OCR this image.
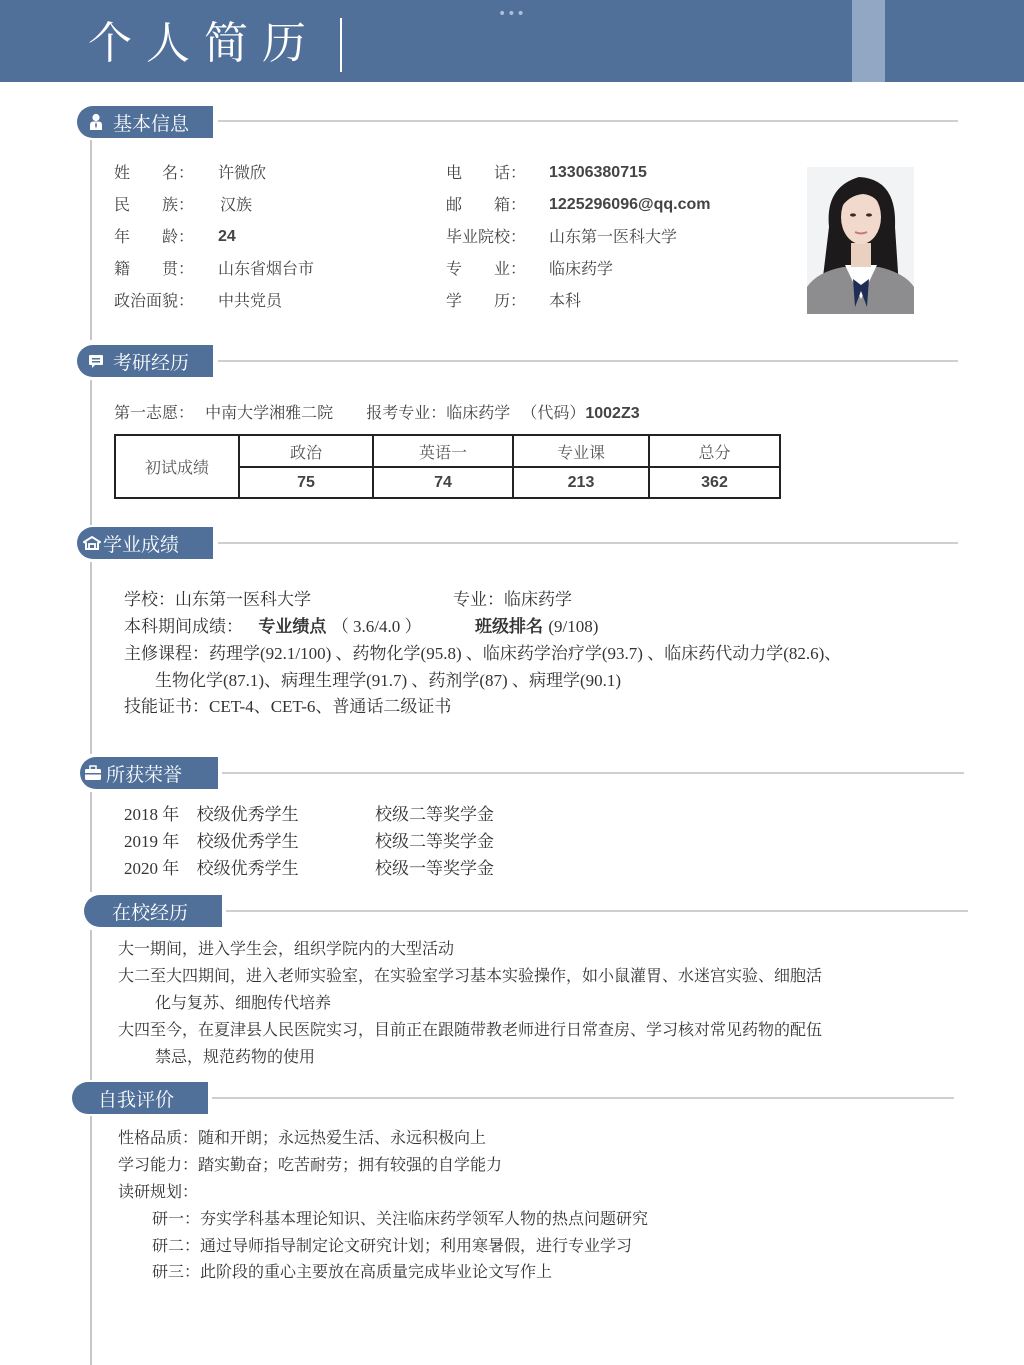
个人简历
•••
基本信息
姓　　名： 许微欣
民　　族： 汉族
年　　龄： 24
籍　　贯： 山东省烟台市
政治面貌： 中共党员
电　　话： 13306380715
邮　　箱： 1225296096@qq.com
毕业院校： 山东第一医科大学
专　　业： 临床药学
学　　历： 本科
考研经历
第一志愿： 中南大学湘雅二院 报考专业：临床药学 （代码）1002Z3
初试成绩	政治	英语一	专业课	总分
	75	74	213	362
学业成绩
学校：山东第一医科大学	专业：临床药学
本科期间成绩： 专业绩点 （ 3.6/4.0 ）	班级排名 (9/108)
主修课程：药理学(92.1/100) 、药物化学(95.8) 、临床药学治疗学(93.7) 、临床药代动力学(82.6)、
生物化学(87.1)、病理生理学(91.7) 、药剂学(87) 、病理学(90.1)
技能证书：CET-4、CET-6、普通话二级证书
所获荣誉
2018 年 校级优秀学生	校级二等奖学金
2019 年 校级优秀学生	校级二等奖学金
2020 年 校级优秀学生	校级一等奖学金
在校经历
大一期间，进入学生会，组织学院内的大型活动
大二至大四期间，进入老师实验室，在实验室学习基本实验操作，如小鼠灌胃、水迷宫实验、细胞活
化与复苏、细胞传代培养
大四至今，在夏津县人民医院实习，目前正在跟随带教老师进行日常查房、学习核对常见药物的配伍
禁忌，规范药物的使用
自我评价
性格品质：随和开朗；永远热爱生活、永远积极向上
学习能力：踏实勤奋；吃苦耐劳；拥有较强的自学能力
读研规划：
研一：夯实学科基本理论知识、关注临床药学领军人物的热点问题研究
研二：通过导师指导制定论文研究计划；利用寒暑假，进行专业学习
研三：此阶段的重心主要放在高质量完成毕业论文写作上
